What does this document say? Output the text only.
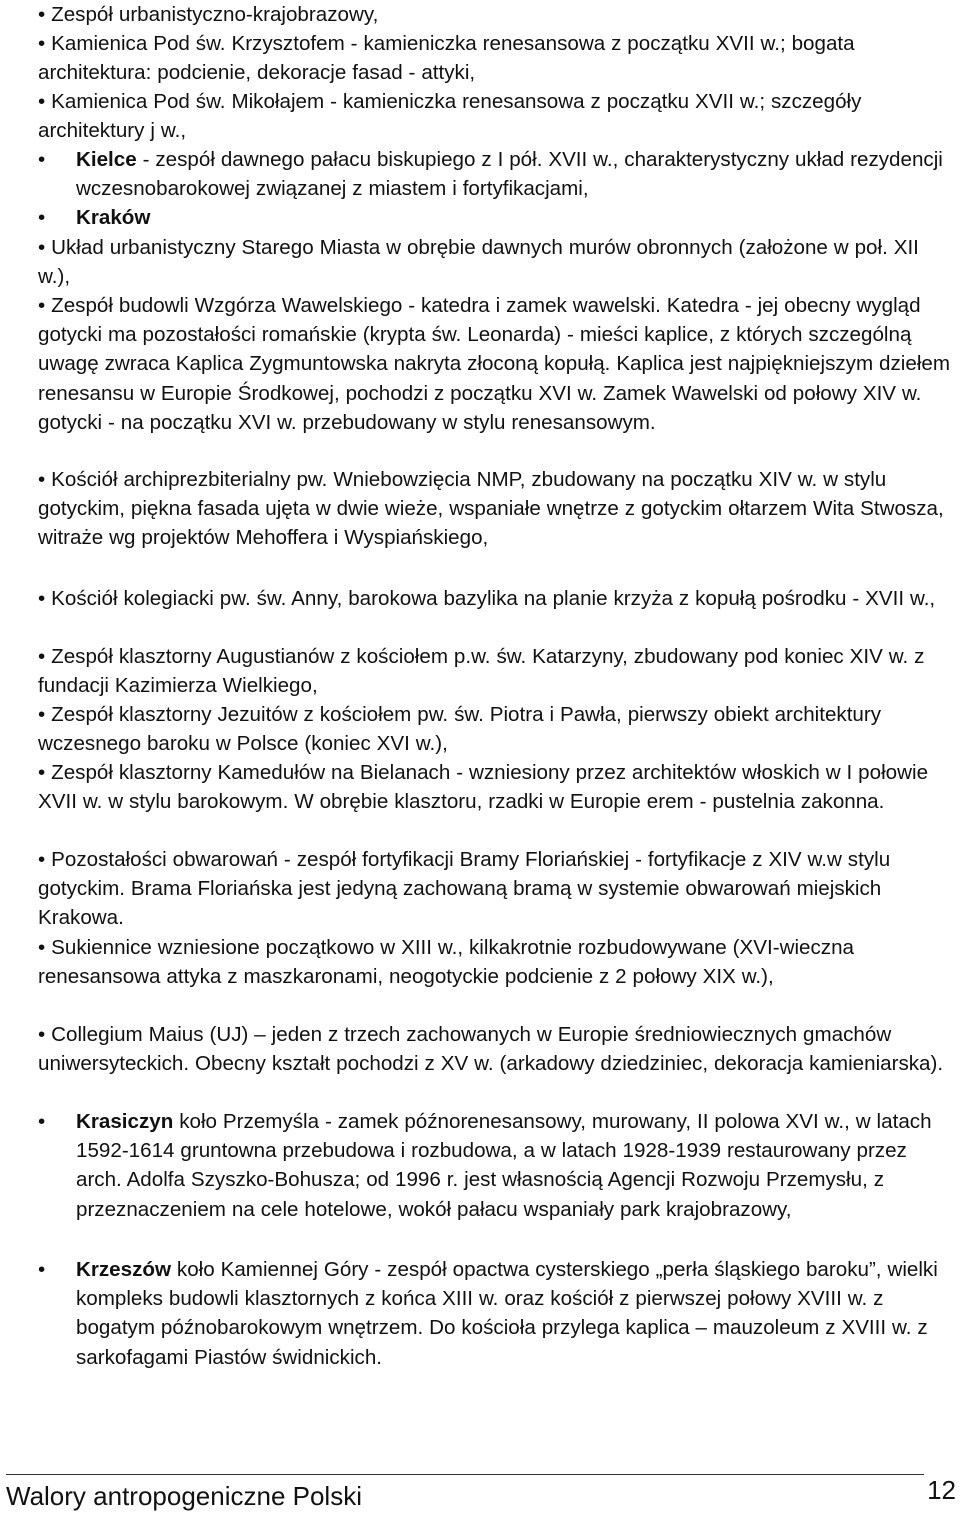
• Zespół urbanistyczno-krajobrazowy,

• Kamienica Pod św. Krzysztofem - kamieniczka renesansowa z początku XVII w.; bogata architektura: podcienie, dekoracje fasad - attyki,

• Kamienica Pod św. Mikołajem - kamieniczka renesansowa z początku XVII w.; szczegóły architektury j w.,

• Kielce - zespół dawnego pałacu biskupiego z I pół. XVII w., charakterystyczny układ rezydencji wczesnobarokowej związanej z miastem i fortyfikacjami,

• Kraków

• Układ urbanistyczny Starego Miasta w obrębie dawnych murów obronnych (założone w poł. XII w.),

• Zespół budowli Wzgórza Wawelskiego - katedra i zamek wawelski. Katedra - jej obecny wygląd gotycki ma pozostałości romańskie (krypta św. Leonarda) - mieści kaplice, z których szczególną uwagę zwraca Kaplica Zygmuntowska nakryta złoconą kopułą. Kaplica jest najpiękniejszym dziełem renesansu w Europie Środkowej, pochodzi z początku XVI w. Zamek Wawelski od połowy XIV w. gotycki - na początku XVI w. przebudowany w stylu renesansowym.

• Kościół archiprezbiterialny pw. Wniebowzięcia NMP, zbudowany na początku XIV w. w stylu gotyckim, piękna fasada ujęta w dwie wieże, wspaniałe wnętrze z gotyckim ołtarzem Wita Stwosza, witraże wg projektów Mehoffera i Wyspiańskiego,

• Kościół kolegiacki pw. św. Anny, barokowa bazylika na planie krzyża z kopułą pośrodku - XVII w.,

• Zespół klasztorny Augustianów z kościołem p.w. św. Katarzyny, zbudowany pod koniec XIV w. z fundacji Kazimierza Wielkiego,

• Zespół klasztorny Jezuitów z kościołem pw. św. Piotra i Pawła, pierwszy obiekt architektury wczesnego baroku w Polsce (koniec XVI w.),

• Zespół klasztorny Kamedułów na Bielanach - wzniesiony przez architektów włoskich w I połowie XVII w. w stylu barokowym. W obrębie klasztoru, rzadki w Europie erem - pustelnia zakonna.

• Pozostałości obwarowań - zespół fortyfikacji Bramy Floriańskiej - fortyfikacje z XIV w.w stylu gotyckim. Brama Floriańska jest jedyną zachowaną bramą w systemie obwarowań miejskich Krakowa.

• Sukiennice wzniesione początkowo w XIII w., kilkakrotnie rozbudowywane (XVI-wieczna renesansowa attyka z maszkaronami, neogotyckie podcienie z 2 połowy XIX w.),

• Collegium Maius (UJ) – jeden z trzech zachowanych w Europie średniowiecznych gmachów uniwersyteckich. Obecny kształt pochodzi z XV w. (arkadowy dziedziniec, dekoracja kamieniarska).

• Krasiczyn koło Przemyśla - zamek późnorenesansowy, murowany, II polowa XVI w., w latach 1592-1614 gruntowna przebudowa i rozbudowa, a w latach 1928-1939 restaurowany przez arch. Adolfa Szyszko-Bohusza; od 1996 r. jest własnością Agencji Rozwoju Przemysłu, z przeznaczeniem na cele hotelowe, wokół pałacu wspaniały park krajobrazowy,

• Krzeszów koło Kamiennej Góry - zespół opactwa cysterskiego „perła śląskiego baroku”, wielki kompleks budowli klasztornych z końca XIII w. oraz kościół z pierwszej połowy XVIII w. z bogatym późnobarokowym wnętrzem. Do kościoła przylega kaplica – mauzoleum z XVIII w. z sarkofagami Piastów świdnickich.

Walory antropogeniczne Polski	12
